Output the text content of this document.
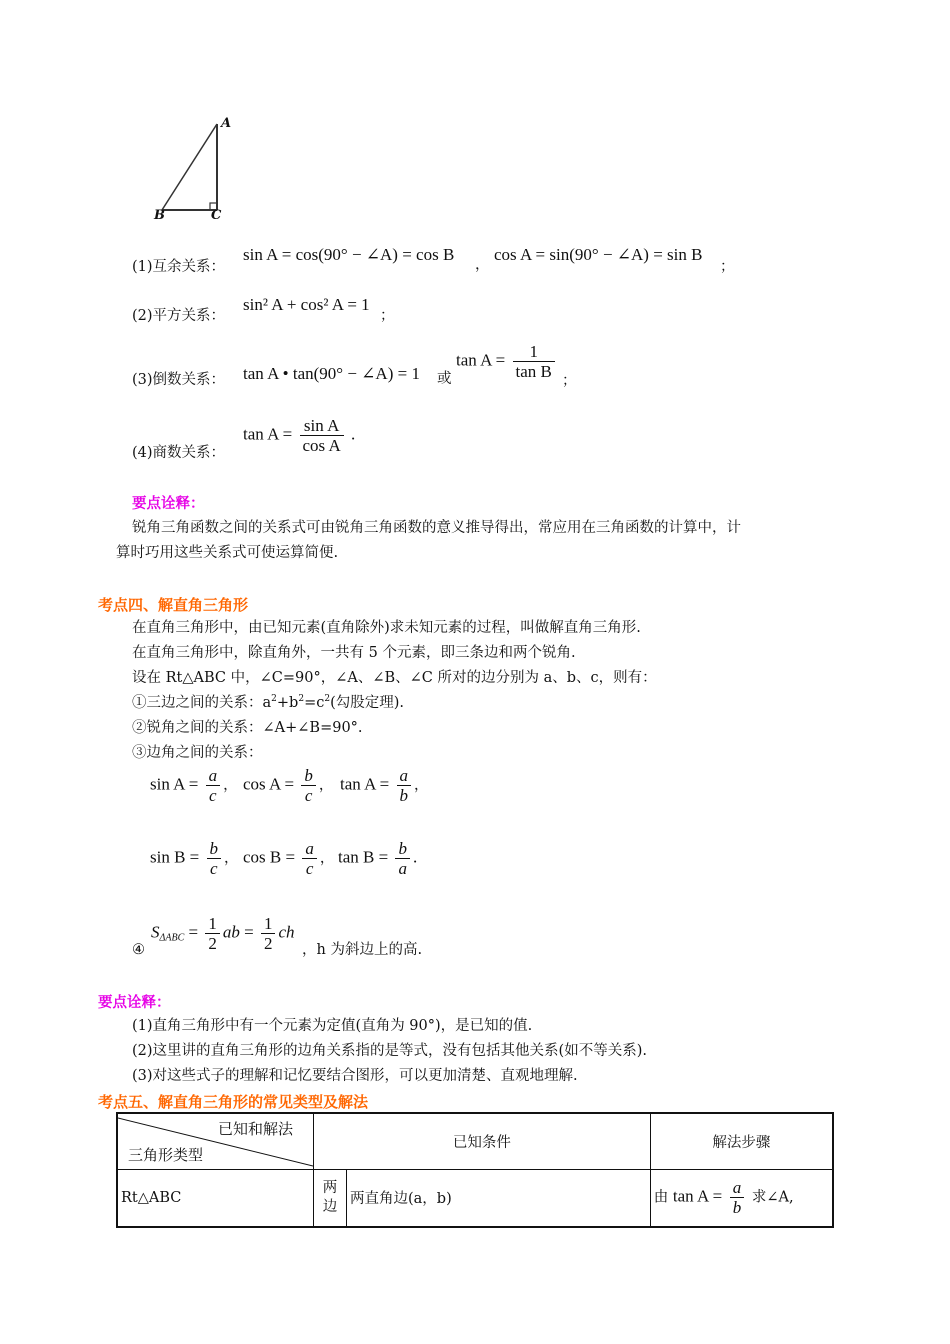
A
B	C
(1)互余关系：
sin A = cos(90° − ∠A) = cos B
，
cos A = sin(90° − ∠A) = sin B
；
(2)平方关系：
sin² A + cos² A = 1
；
(3)倒数关系： tan A • tan(90° − ∠A) = 1 或
$\tan A = \frac{1}{\text{tan B}}$ ；
(4)商数关系：
$\tan A = \frac{\text{sin A}}{\text{cos A}}$ .
要点诠释：
锐角三角函数之间的关系式可由锐角三角函数的意义推导得出，常应用在三角函数的计算中，计
算时巧用这些关系式可使运算简便.
考点四、解直角三角形
在直角三角形中，由已知元素(直角除外)求未知元素的过程，叫做解直角三角形.
在直角三角形中，除直角外，一共有 5 个元素，即三条边和两个锐角.
设在 Rt△ABC 中，∠C=90°，∠A、∠B、∠C 所对的边分别为 a、b、c，则有：
①三边之间的关系：$a^2+b^2=c^2$(勾股定理).
②锐角之间的关系：∠A+∠B=90°.
③边角之间的关系：
$\sin A = \frac{a}{c}$ ， $\cos A = \frac{b}{c}$ ， $\tan A = \frac{a}{b}$ ，
$\sin B = \frac{b}{c}$ ， $\cos B = \frac{a}{c}$ ， $\tan B = \frac{b}{a}$ .
④
$S\Delta ABC = \frac{1}{2}$ ab = $\frac{1}{2}$ ch
，h 为斜边上的高.
要点诠释：
(1)直角三角形中有一个元素为定值(直角为 90°)，是已知的值.
(2)这里讲的直角三角形的边角关系指的是等式，没有包括其他关系(如不等关系).
(3)对这些式子的理解和记忆要结合图形，可以更加清楚、直观地理解.
考点五、解直角三角形的常见类型及解法
已知和解法
三角形类型	已知条件		解法步骤
Rt△ABC	两边	两直角边(a，b)	由 $\tan A = \frac{a}{b}$ 求∠A,
